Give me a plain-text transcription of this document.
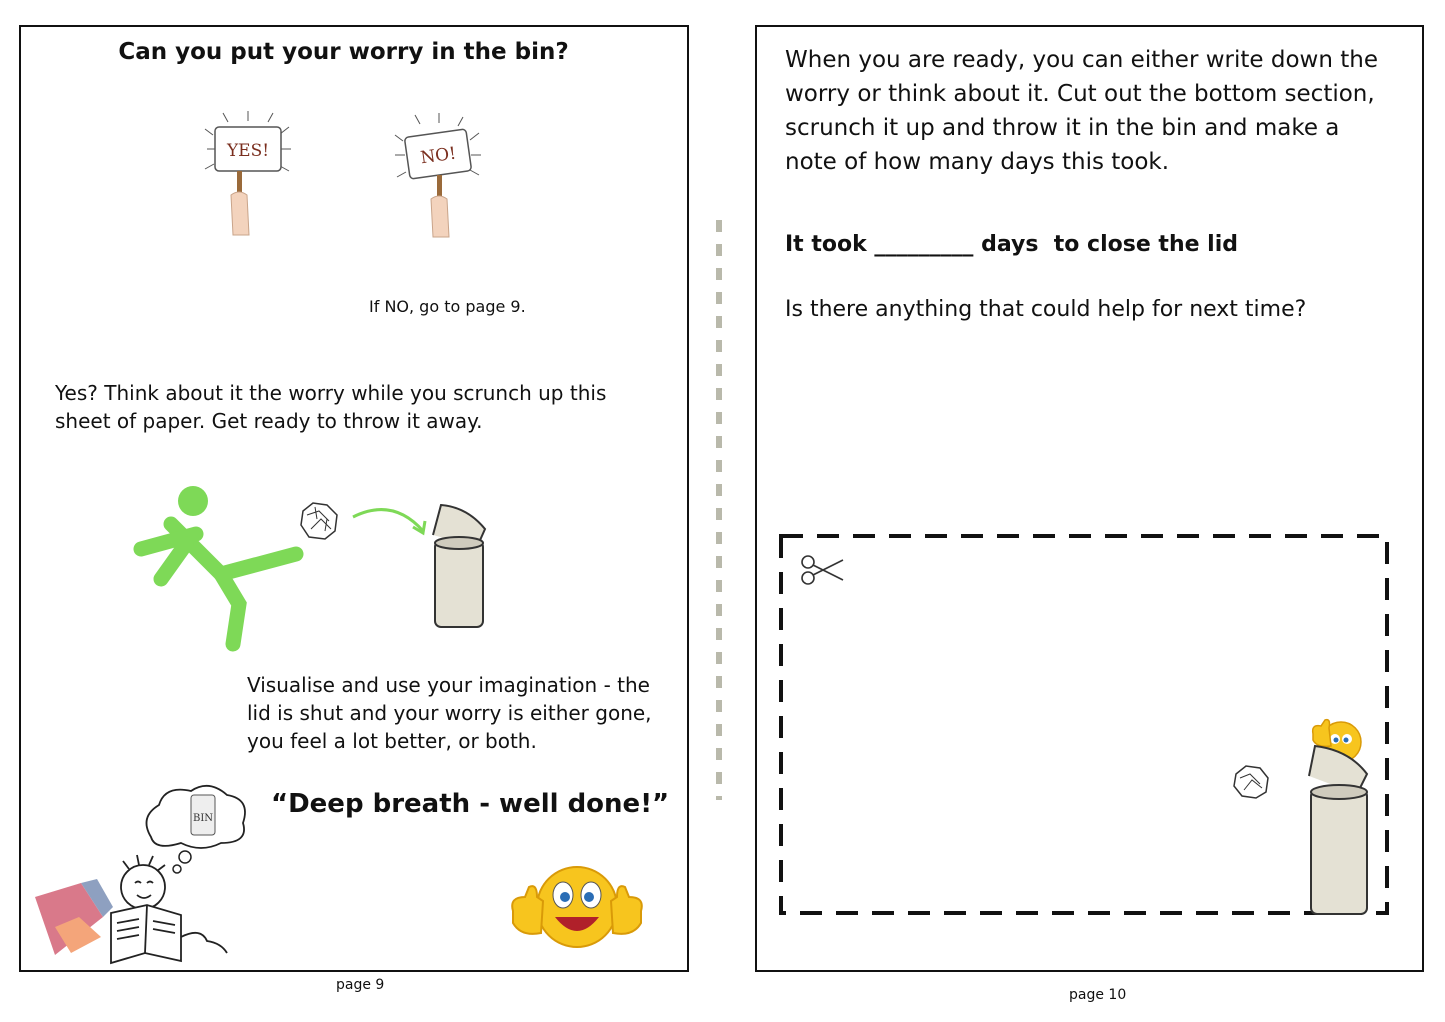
Can you put your worry in the bin?
YES!	NO!
If NO, go to page 9.
Yes? Think about it the worry while you scrunch up this sheet of paper. Get ready to throw it away.
Visualise and use your imagination - the lid is shut and your worry is either gone, you feel a lot better, or both.
“Deep breath - well done!”
BIN
page 9
When you are ready, you can either write down the worry or think about it. Cut out the bottom section, scrunch it up and throw it in the bin and make a note of how many days this took.
It took _________ days  to close the lid
Is there anything that could help for next time?
page 10
